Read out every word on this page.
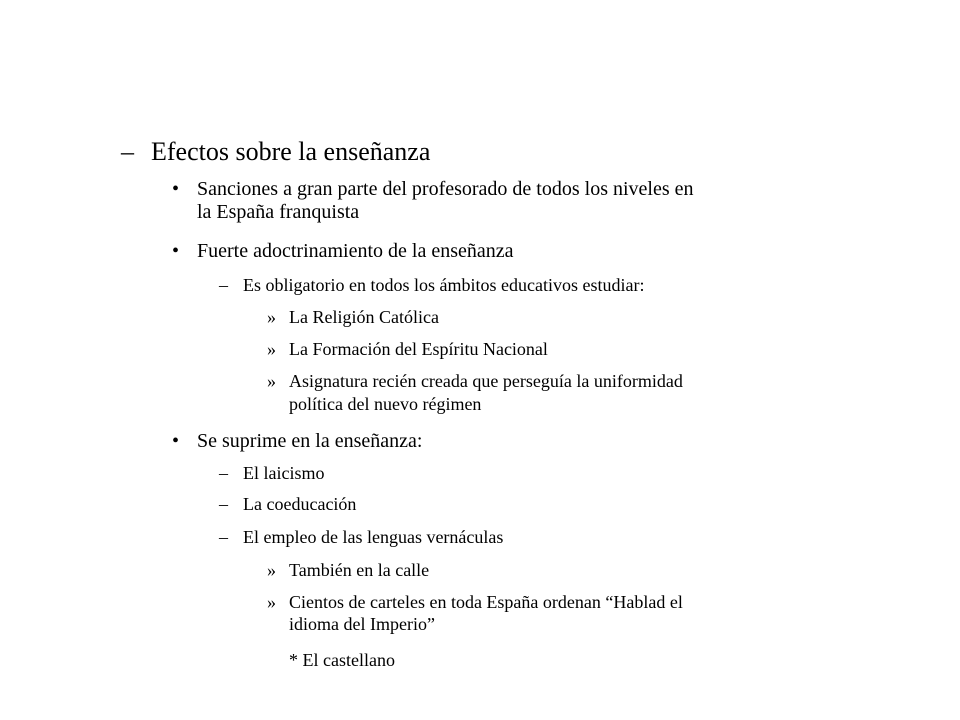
– Efectos sobre la enseñanza
• Sanciones a gran parte del profesorado de todos los niveles en
la España franquista
• Fuerte adoctrinamiento de la enseñanza
– Es obligatorio en todos los ámbitos educativos estudiar:
» La Religión Católica
» La Formación del Espíritu Nacional
» Asignatura recién creada que perseguía la uniformidad
política del nuevo régimen
• Se suprime en la enseñanza:
– El laicismo
– La coeducación
– El empleo de las lenguas vernáculas
» También en la calle
» Cientos de carteles en toda España ordenan “Hablad el
idioma del Imperio”
* El castellano
